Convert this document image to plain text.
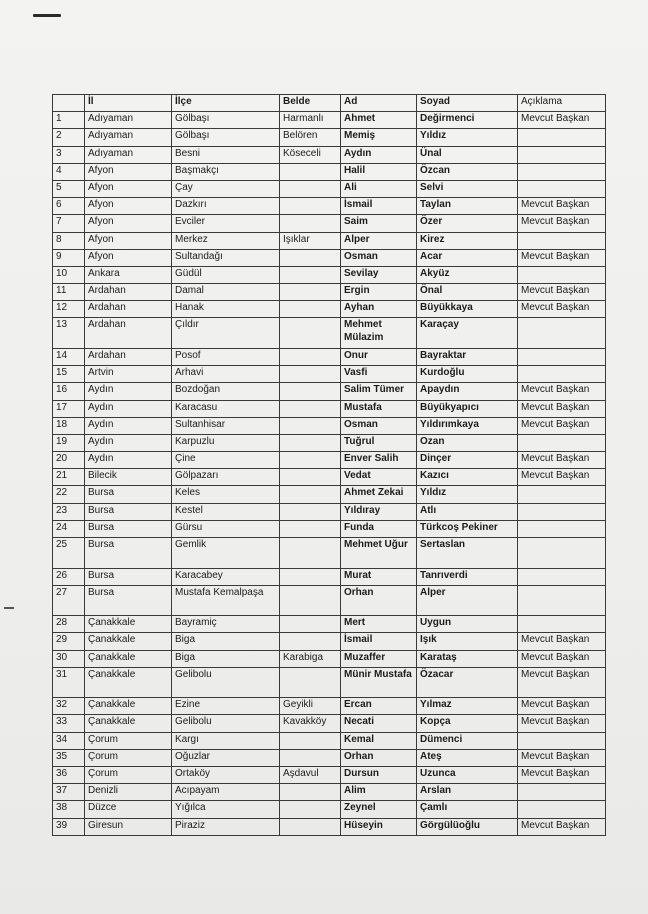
	İl	İlçe	Belde	Ad	Soyad	Açıklama
1	Adıyaman	Gölbaşı	Harmanlı	Ahmet	Değirmenci	Mevcut Başkan
2	Adıyaman	Gölbaşı	Belören	Memiş	Yıldız	
3	Adıyaman	Besni	Köseceli	Aydın	Ünal	
4	Afyon	Başmakçı		Halil	Özcan	
5	Afyon	Çay		Ali	Selvi	
6	Afyon	Dazkırı		İsmail	Taylan	Mevcut Başkan
7	Afyon	Evciler		Saim	Özer	Mevcut Başkan
8	Afyon	Merkez	Işıklar	Alper	Kirez	
9	Afyon	Sultandağı		Osman	Acar	Mevcut Başkan
10	Ankara	Güdül		Sevilay	Akyüz	
11	Ardahan	Damal		Ergin	Önal	Mevcut Başkan
12	Ardahan	Hanak		Ayhan	Büyükkaya	Mevcut Başkan
13	Ardahan	Çıldır		Mehmet Mülazim	Karaçay	
14	Ardahan	Posof		Onur	Bayraktar	
15	Artvin	Arhavi		Vasfi	Kurdoğlu	
16	Aydın	Bozdoğan		Salim Tümer	Apaydın	Mevcut Başkan
17	Aydın	Karacasu		Mustafa	Büyükyapıcı	Mevcut Başkan
18	Aydın	Sultanhisar		Osman	Yıldırımkaya	Mevcut Başkan
19	Aydın	Karpuzlu		Tuğrul	Ozan	
20	Aydın	Çine		Enver Salih	Dinçer	Mevcut Başkan
21	Bilecik	Gölpazarı		Vedat	Kazıcı	Mevcut Başkan
22	Bursa	Keles		Ahmet Zekai	Yıldız	
23	Bursa	Kestel		Yıldıray	Atlı	
24	Bursa	Gürsu		Funda	Türkcoş Pekiner	
25	Bursa	Gemlik		Mehmet Uğur	Sertaslan	
26	Bursa	Karacabey		Murat	Tanrıverdi	
27	Bursa	Mustafa Kemalpaşa		Orhan	Alper	
28	Çanakkale	Bayramiç		Mert	Uygun	
29	Çanakkale	Biga		İsmail	Işık	Mevcut Başkan
30	Çanakkale	Biga	Karabiga	Muzaffer	Karataş	Mevcut Başkan
31	Çanakkale	Gelibolu		Münir Mustafa	Özacar	Mevcut Başkan
32	Çanakkale	Ezine	Geyikli	Ercan	Yılmaz	Mevcut Başkan
33	Çanakkale	Gelibolu	Kavakköy	Necati	Kopça	Mevcut Başkan
34	Çorum	Kargı		Kemal	Dümenci	
35	Çorum	Oğuzlar		Orhan	Ateş	Mevcut Başkan
36	Çorum	Ortaköy	Aşdavul	Dursun	Uzunca	Mevcut Başkan
37	Denizli	Acıpayam		Alim	Arslan	
38	Düzce	Yığılca		Zeynel	Çamlı	
39	Giresun	Piraziz		Hüseyin	Görgülüoğlu	Mevcut Başkan
